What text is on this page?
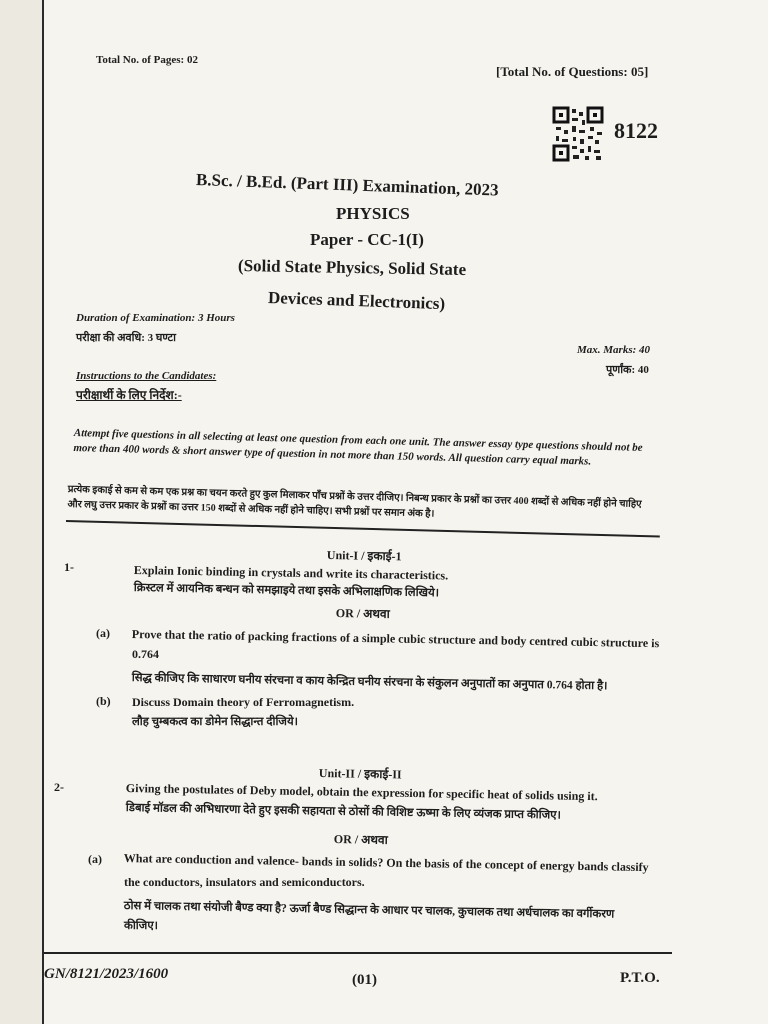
Total No. of Pages: 02
[Total No. of Questions: 05]
8122
B.Sc. / B.Ed. (Part III) Examination, 2023
PHYSICS
Paper - CC-1(I)
(Solid State Physics, Solid State
Devices and Electronics)
Duration of Examination: 3 Hours
परीक्षा की अवधि: 3 घण्टा
Max. Marks: 40
पूर्णांक: 40
Instructions to the Candidates:
परीक्षार्थी के लिए निर्देश:-
Attempt five questions in all selecting at least one question from each one unit. The answer essay type questions should not be more than 400 words & short answer type of question in not more than 150 words. All question carry equal marks.
प्रत्येक इकाई से कम से कम एक प्रश्न का चयन करते हुए कुल मिलाकर पाँच प्रश्नों के उत्तर दीजिए। निबन्ध प्रकार के प्रश्नों का उत्तर 400 शब्दों से अधिक नहीं होने चाहिए और लघु उत्तर प्रकार के प्रश्नों का उत्तर 150 शब्दों से अधिक नहीं होने चाहिए। सभी प्रश्नों पर समान अंक है।
Unit-I / इकाई-1
1-	Explain Ionic binding in crystals and write its characteristics.
क्रिस्टल में आयनिक बन्धन को समझाइये तथा इसके अभिलाक्षणिक लिखिये।
OR / अथवा
(a) Prove that the ratio of packing fractions of a simple cubic structure and body centred cubic structure is
0.764
सिद्ध कीजिए कि साधारण घनीय संरचना व काय केन्द्रित घनीय संरचना के संकुलन अनुपातों का अनुपात 0.764 होता है।
(b) Discuss Domain theory of Ferromagnetism.
लौह चुम्बकत्व का डोमेन सिद्धान्त दीजिये।
Unit-II / इकाई-II
2-	Giving the postulates of Deby model, obtain the expression for specific heat of solids using it.
डिबाई मॉडल की अभिधारणा देते हुए इसकी सहायता से ठोसों की विशिष्ट ऊष्मा के लिए व्यंजक प्राप्त कीजिए।
OR / अथवा
(a) What are conduction and valence- bands in solids? On the basis of the concept of energy bands classify
the conductors, insulators and semiconductors.
ठोस में चालक तथा संयोजी बैण्ड क्या है? ऊर्जा बैण्ड सिद्धान्त के आधार पर चालक, कुचालक तथा अर्धचालक का वर्गीकरण
कीजिए।
GN/8121/2023/1600	(01)	P.T.O.
